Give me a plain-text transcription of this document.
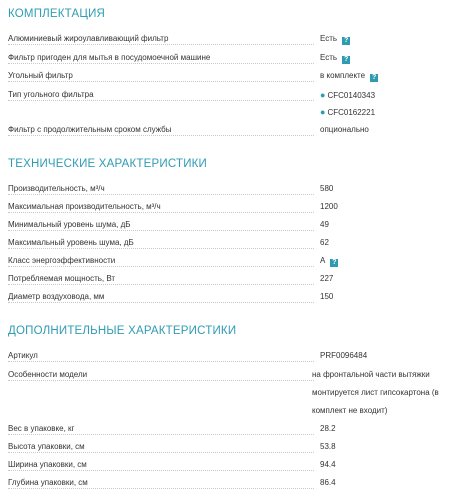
КОМПЛЕКТАЦИЯ
Алюминиевый жироулавливающий фильтр	Есть ?
Фильтр пригоден для мытья в посудомоечной машине	Есть ?
Угольный фильтр	в комплекте ?
Тип угольного фильтра	● CFC0140343
● CFC0162221
Фильтр с продолжительным сроком службы	опционально
ТЕХНИЧЕСКИЕ ХАРАКТЕРИСТИКИ
Производительность, м³/ч	580
Максимальная производительность, м³/ч	1200
Минимальный уровень шума, дБ	49
Максимальный уровень шума, дБ	62
Класс энергоэффективности	A ?
Потребляемая мощность, Вт	227
Диаметр воздуховода, мм	150
ДОПОЛНИТЕЛЬНЫЕ ХАРАКТЕРИСТИКИ
Артикул	PRF0096484
Особенности модели	на фронтальной части вытяжки
монтируется лист гипсокартона (в
комплект не входит)
Вес в упаковке, кг	28.2
Высота упаковки, см	53.8
Ширина упаковки, см	94.4
Глубина упаковки, см	86.4
